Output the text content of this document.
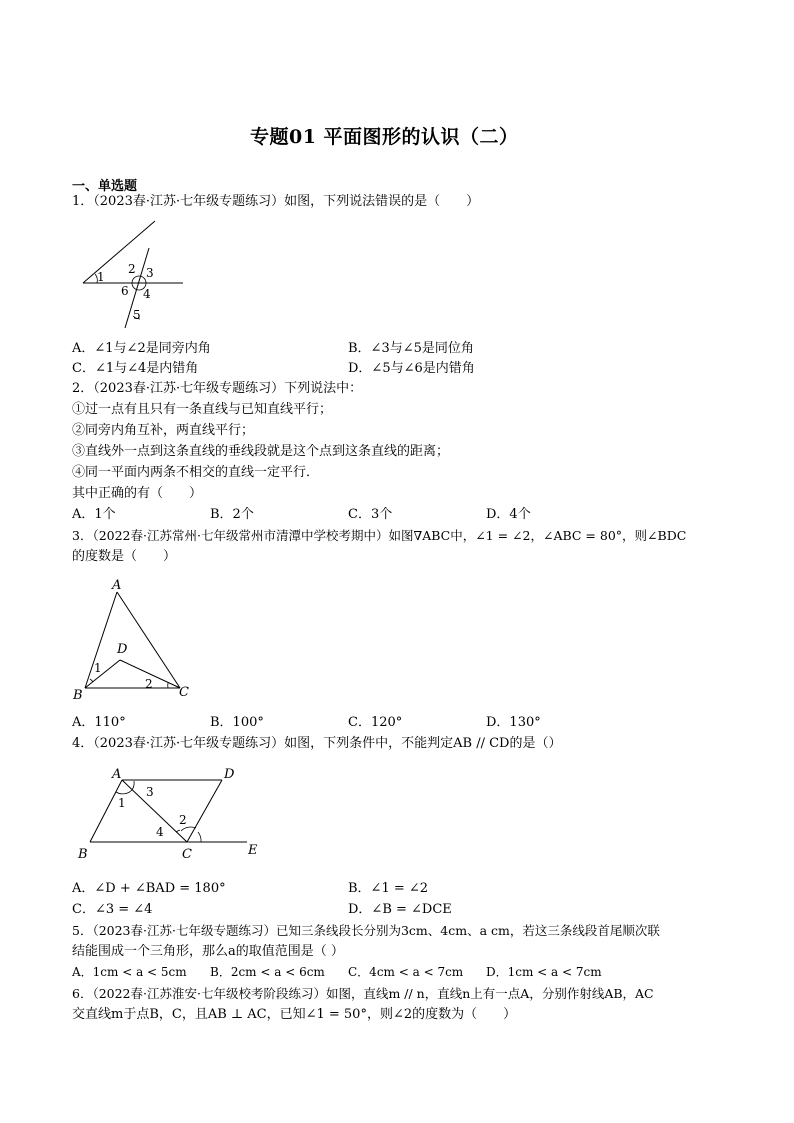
专题01 平面图形的认识（二）
一、单选题
1．（2023春·江苏·七年级专题练习）如图，下列说法错误的是（　　）
1
2 3
6 4
5
A．∠1与∠2是同旁内角	B．∠3与∠5是同位角
C．∠1与∠4是内错角	D．∠5与∠6是内错角
2．（2023春·江苏·七年级专题练习）下列说法中：
①过一点有且只有一条直线与已知直线平行；
②同旁内角互补，两直线平行；
③直线外一点到这条直线的垂线段就是这个点到这条直线的距离；
④同一平面内两条不相交的直线一定平行．
其中正确的有（　　）
A．1个	B．2个	C．3个	D．4个
3．（2022春·江苏常州·七年级常州市清潭中学校考期中）如图∇ABC中，∠1 = ∠2，∠ABC = 80°，则∠BDC
的度数是（　　）
A
D
1
2
B	C
A．110°	B．100°	C．120°	D．130°
4．（2023春·江苏·七年级专题练习）如图，下列条件中，不能判定AB // CD的是（）
A	D
3
1
2
4
B	C	E
A．∠D + ∠BAD = 180°	B．∠1 = ∠2
C．∠3 = ∠4	D．∠B = ∠DCE
5．（2023春·江苏·七年级专题练习）已知三条线段长分别为3cm、4cm、a cm，若这三条线段首尾顺次联
结能围成一个三角形，那么a的取值范围是（ ）
A．1cm < a < 5cm B．2cm < a < 6cm C．4cm < a < 7cm D．1cm < a < 7cm
6．（2022春·江苏淮安·七年级校考阶段练习）如图，直线m // n，直线n上有一点A，分别作射线AB，AC
交直线m于点B，C，且AB ⊥ AC，已知∠1 = 50°，则∠2的度数为（　　）
